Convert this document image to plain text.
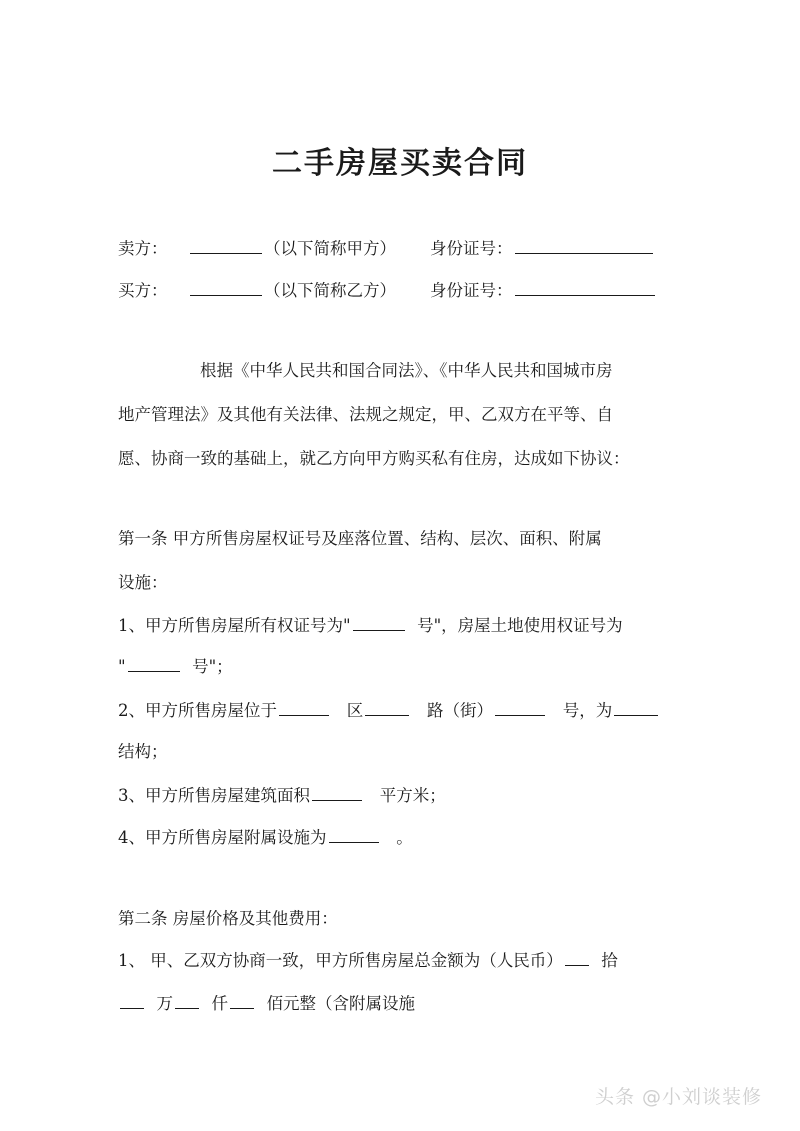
二手房屋买卖合同
卖方：	（以下简称甲方） 身份证号：
买方：	（以下简称乙方） 身份证号：
根据《中华人民共和国合同法》、《中华人民共和国城市房
地产管理法》及其他有关法律、法规之规定，甲、乙双方在平等、自
愿、协商一致的基础上，就乙方向甲方购买私有住房，达成如下协议：
第一条 甲方所售房屋权证号及座落位置、结构、层次、面积、附属
设施：
1、甲方所售房屋所有权证号为"	号"，房屋土地使用权证号为
"	号"；
2、甲方所售房屋位于	区	路（街）	号，为
结构；
3、甲方所售房屋建筑面积	平方米；
4、甲方所售房屋附属设施为	。
第二条 房屋价格及其他费用：
1、 甲、乙双方协商一致，甲方所售房屋总金额为（人民币） 拾
万 仟 佰元整（含附属设施
头条 @小刘谈装修
